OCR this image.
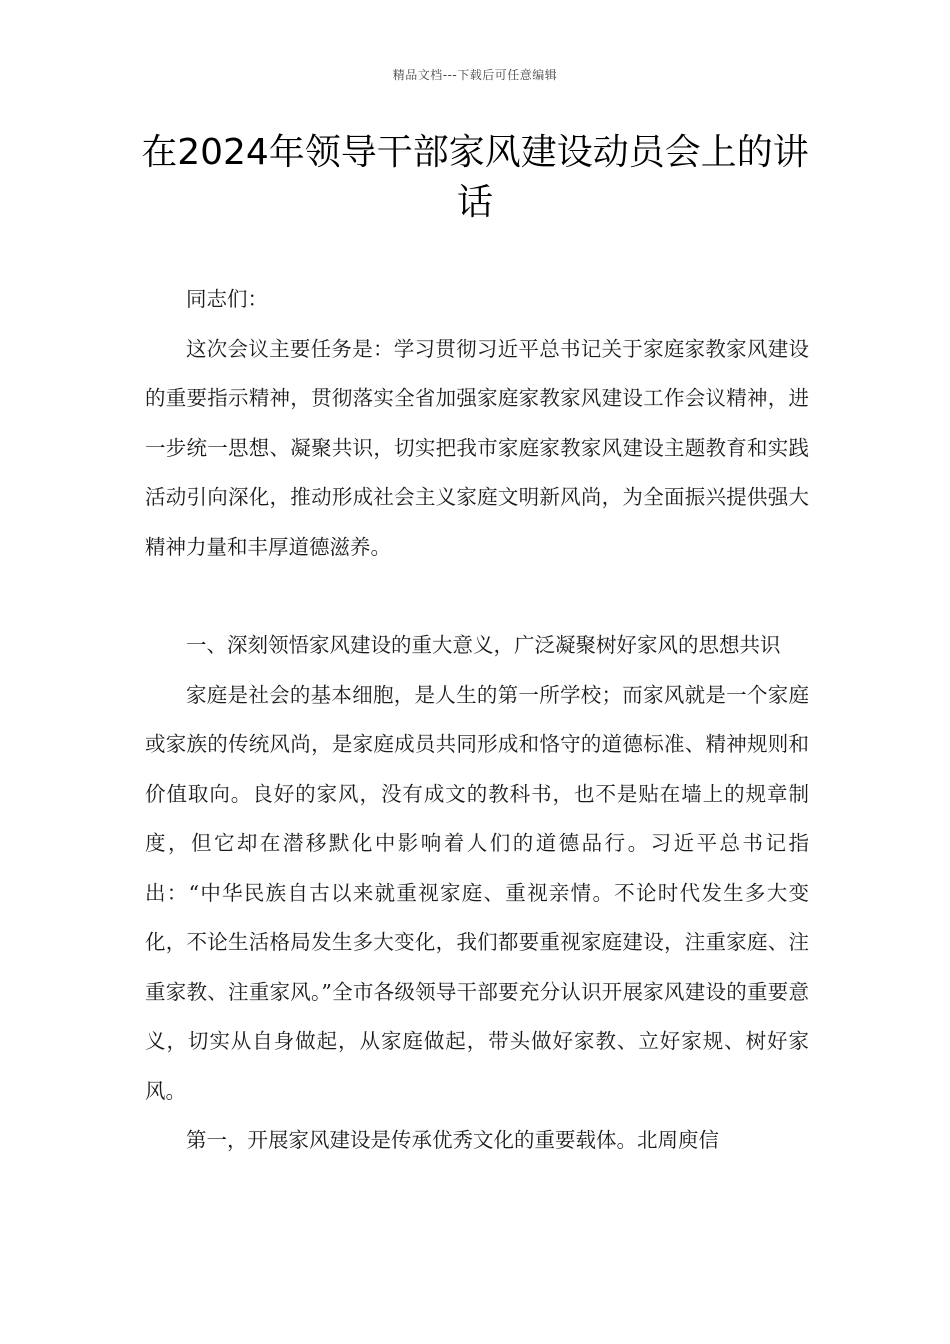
精品文档---下载后可任意编辑
在2024年领导干部家风建设动员会上的讲话

同志们：

这次会议主要任务是：学习贯彻习近平总书记关于家庭家教家风建设的重要指示精神，贯彻落实全省加强家庭家教家风建设工作会议精神，进一步统一思想、凝聚共识，切实把我市家庭家教家风建设主题教育和实践活动引向深化，推动形成社会主义家庭文明新风尚，为全面振兴提供强大精神力量和丰厚道德滋养。

一、深刻领悟家风建设的重大意义，广泛凝聚树好家风的思想共识

家庭是社会的基本细胞，是人生的第一所学校；而家风就是一个家庭或家族的传统风尚，是家庭成员共同形成和恪守的道德标准、精神规则和价值取向。良好的家风，没有成文的教科书，也不是贴在墙上的规章制度，但它却在潜移默化中影响着人们的道德品行。习近平总书记指出：“中华民族自古以来就重视家庭、重视亲情。不论时代发生多大变化，不论生活格局发生多大变化，我们都要重视家庭建设，注重家庭、注重家教、注重家风。”全市各级领导干部要充分认识开展家风建设的重要意义，切实从自身做起，从家庭做起，带头做好家教、立好家规、树好家风。

第一，开展家风建设是传承优秀文化的重要载体。北周庾信
